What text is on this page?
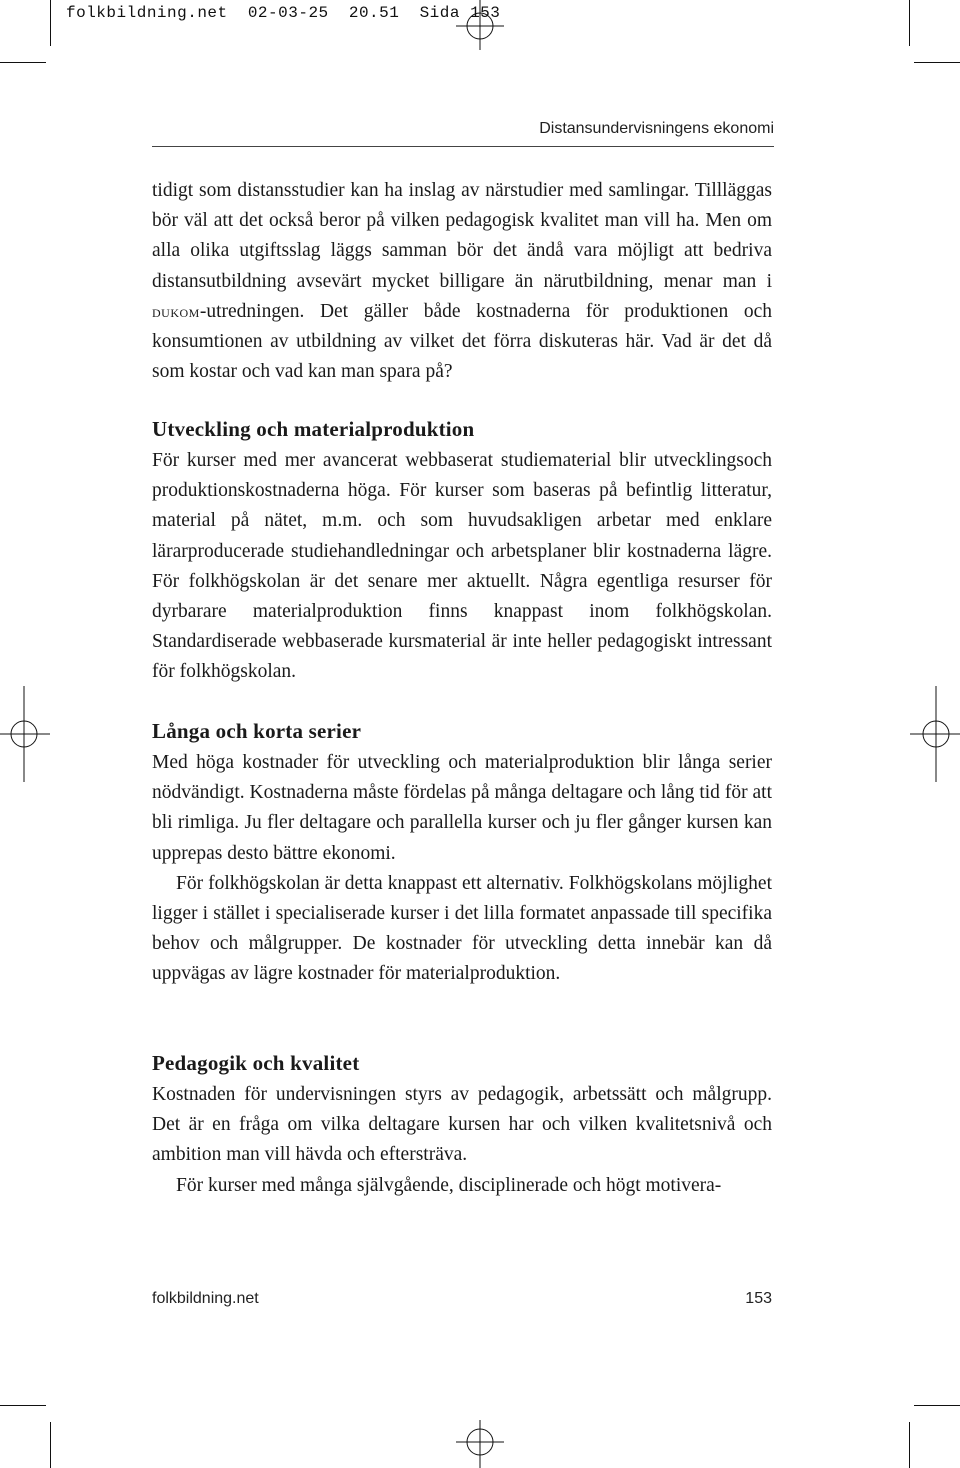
folkbildning.net 02-03-25 20.51 Sida 153
Distansundervisningens ekonomi

tidigt som distansstudier kan ha inslag av närstudier med samlingar. Tillläggas bör väl att det också beror på vilken pedagogisk kvalitet man vill ha. Men om alla olika utgiftsslag läggs samman bör det ändå vara möjligt att bedriva distansutbildning avsevärt mycket billigare än närutbildning, menar man i dukom-utredningen. Det gäller både kostnaderna för produktionen och konsumtionen av utbildning av vilket det förra diskuteras här. Vad är det då som kostar och vad kan man spara på?

Utveckling och materialproduktion

För kurser med mer avancerat webbaserat studiematerial blir utvecklingsoch produktionskostnaderna höga. För kurser som baseras på befintlig litteratur, material på nätet, m.m. och som huvudsakligen arbetar med enklare lärarproducerade studiehandledningar och arbetsplaner blir kostnaderna lägre. För folkhögskolan är det senare mer aktuellt. Några egentliga resurser för dyrbarare materialproduktion finns knappast inom folkhögskolan. Standardiserade webbaserade kursmaterial är inte heller pedagogiskt intressant för folkhögskolan.

Långa och korta serier

Med höga kostnader för utveckling och materialproduktion blir långa serier nödvändigt. Kostnaderna måste fördelas på många deltagare och lång tid för att bli rimliga. Ju fler deltagare och parallella kurser och ju fler gånger kursen kan upprepas desto bättre ekonomi.

För folkhögskolan är detta knappast ett alternativ. Folkhögskolans möjlighet ligger i stället i specialiserade kurser i det lilla formatet anpassade till specifika behov och målgrupper. De kostnader för utveckling detta innebär kan då uppvägas av lägre kostnader för materialproduktion.

Pedagogik och kvalitet

Kostnaden för undervisningen styrs av pedagogik, arbetssätt och målgrupp. Det är en fråga om vilka deltagare kursen har och vilken kvalitetsnivå och ambition man vill hävda och eftersträva.

För kurser med många självgående, disciplinerade och högt motivera-

folkbildning.net	153
